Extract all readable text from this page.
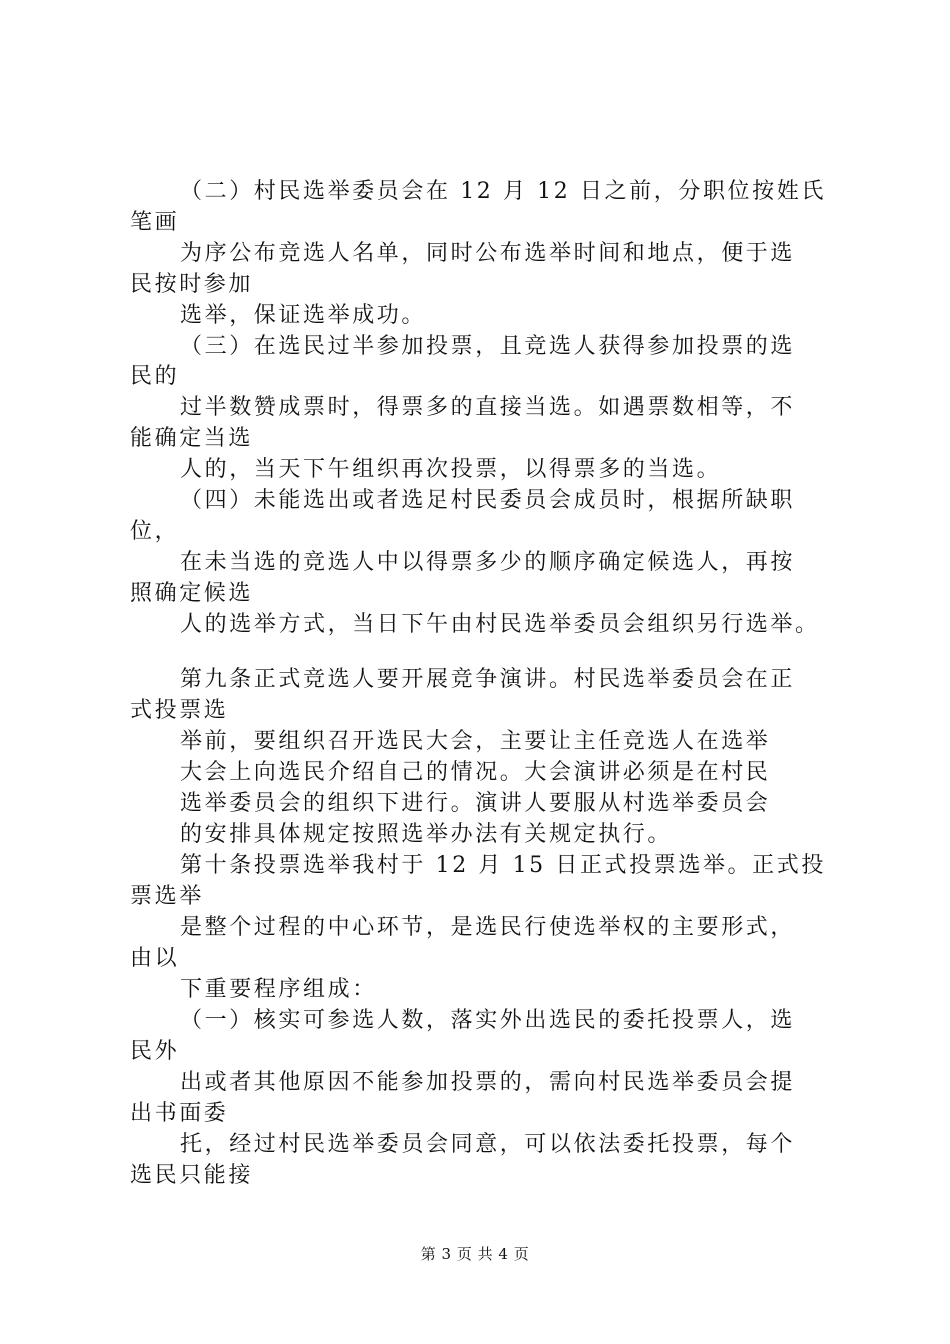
（二）村民选举委员会在 12 月 12 日之前，分职位按姓氏
笔画
为序公布竞选人名单，同时公布选举时间和地点，便于选
民按时参加
选举，保证选举成功。
（三）在选民过半参加投票，且竞选人获得参加投票的选
民的
过半数赞成票时，得票多的直接当选。如遇票数相等，不
能确定当选
人的，当天下午组织再次投票，以得票多的当选。
（四）未能选出或者选足村民委员会成员时，根据所缺职
位，
在未当选的竞选人中以得票多少的顺序确定候选人，再按
照确定候选
人的选举方式，当日下午由村民选举委员会组织另行选举。
第九条正式竞选人要开展竞争演讲。村民选举委员会在正
式投票选
举前，要组织召开选民大会，主要让主任竞选人在选举
大会上向选民介绍自己的情况。大会演讲必须是在村民
选举委员会的组织下进行。演讲人要服从村选举委员会
的安排具体规定按照选举办法有关规定执行。
第十条投票选举我村于 12 月 15 日正式投票选举。正式投
票选举
是整个过程的中心环节，是选民行使选举权的主要形式，
由以
下重要程序组成：
（一）核实可参选人数，落实外出选民的委托投票人，选
民外
出或者其他原因不能参加投票的，需向村民选举委员会提
出书面委
托，经过村民选举委员会同意，可以依法委托投票，每个
选民只能接
第 3 页 共 4 页
